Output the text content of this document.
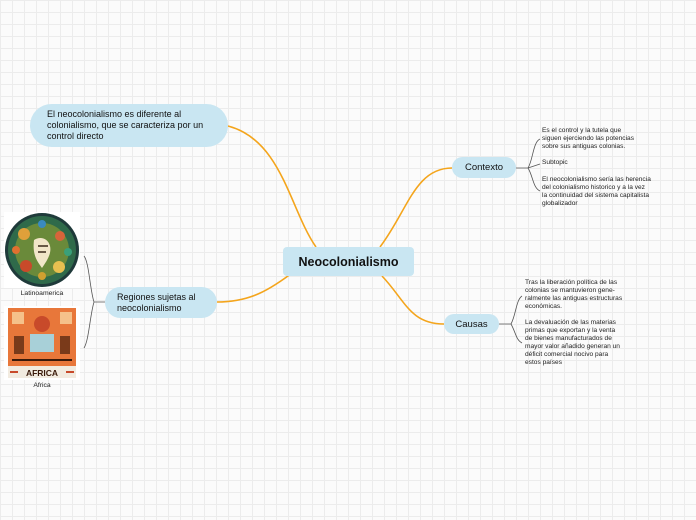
Neocolonialismo
El neocolonialismo es diferente al colonialismo, que se caracteriza por un control directo
Regiones sujetas al neocolonialismo
Contexto
Causas
Es el control y la tutela que
siguen ejerciendo las potencias
sobre sus antiguas colonias.
Subtopic
El neocolonialismo sería las herencia
del colonialismo historico y a la vez
la continuidad del sistema capitalista
globalizador
Tras la liberación política de las
colonias se mantuvieron gene-
ralmente las antiguas estructuras
económicas.
La devaluación de las materias
primas que exportan y la venta
de bienes manufacturados de
mayor valor añadido generan un
déficit comercial nocivo para
estos países
Latinoamerica
AFRICA
Africa
